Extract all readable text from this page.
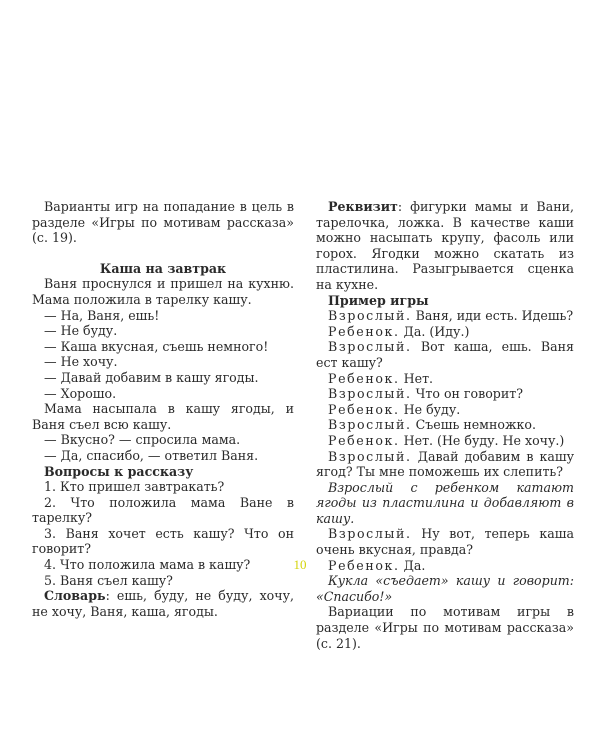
Варианты игр на попадание в цель в разделе «Игры по мотивам рассказа» (с. 19).

Каша на завтрак

Ваня проснулся и пришел на кухню. Мама положила в тарелку кашу.

— На, Ваня, ешь!

— Не буду.

— Каша вкусная, съешь немного!

— Не хочу.

— Давай добавим в кашу ягоды.

— Хорошо.

Мама насыпала в кашу ягоды, и Ваня съел всю кашу.

— Вкусно? — спросила мама.

— Да, спасибо, — ответил Ваня.

Вопросы к рассказу

1. Кто пришел завтракать?

2. Что положила мама Ване в тарелку?

3. Ваня хочет есть кашу? Что он говорит?

4. Что положила мама в кашу?

5. Ваня съел кашу?

Словарь: ешь, буду, не буду, хочу, не хочу, Ваня, каша, ягоды.

Реквизит: фигурки мамы и Вани, тарелочка, ложка. В качестве каши можно насыпать крупу, фасоль или горох. Ягодки можно скатать из пластилина. Разыгрывается сценка на кухне.

Пример игры

Взрослый. Ваня, иди есть. Идешь?

Ребенок. Да. (Иду.)

Взрослый. Вот каша, ешь. Ваня ест кашу?

Ребенок. Нет.

Взрослый. Что он говорит?

Ребенок. Не буду.

Взрослый. Съешь немножко.

Ребенок. Нет. (Не буду. Не хочу.)

Взрослый. Давай добавим в кашу ягод? Ты мне поможешь их слепить?

Взрослый с ребенком катают ягоды из пластилина и добавляют в кашу.

Взрослый. Ну вот, теперь каша очень вкусная, правда?

Ребенок. Да.

Кукла «съедает» кашу и говорит: «Спасибо!»

Вариации по мотивам игры в разделе «Игры по мотивам рассказа» (с. 21).

10
